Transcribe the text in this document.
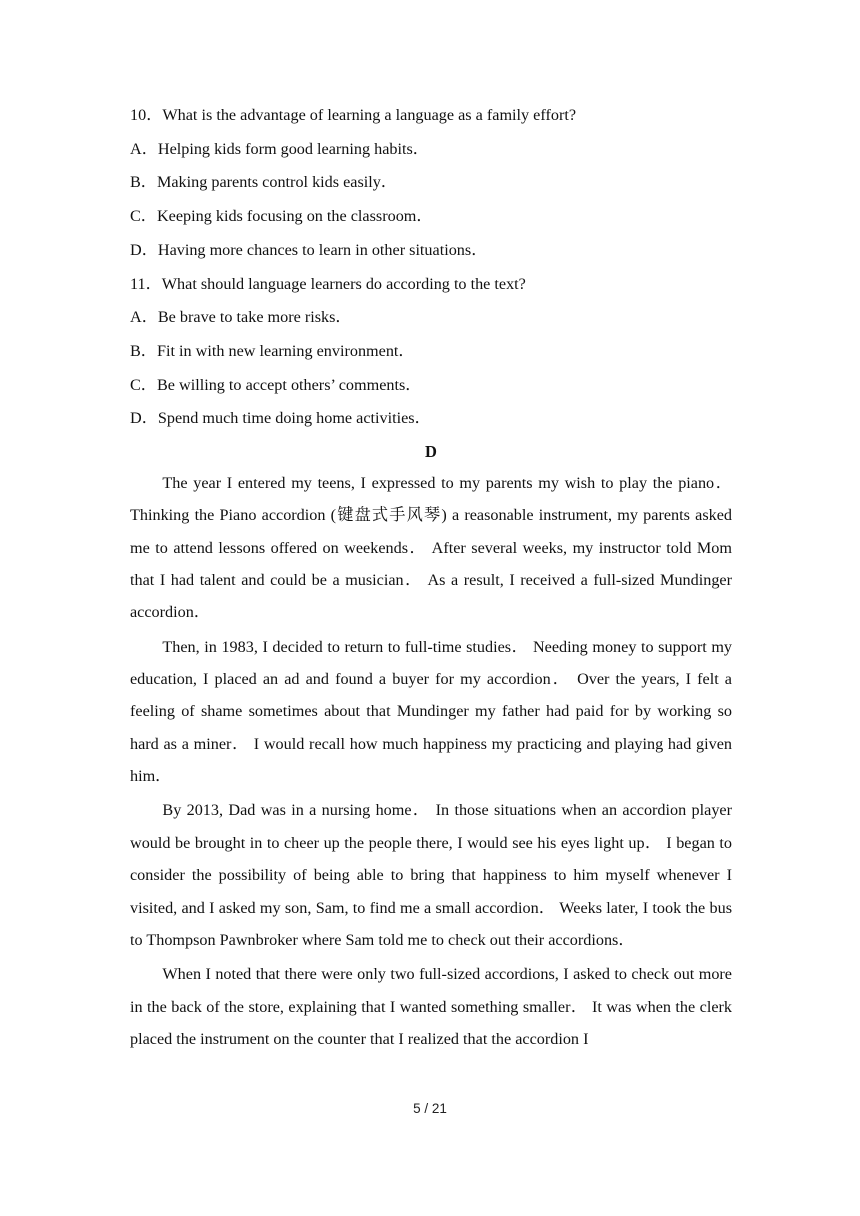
10．What is the advantage of learning a language as a family effort?
A．Helping kids form good learning habits．
B．Making parents control kids easily．
C．Keeping kids focusing on the classroom．
D．Having more chances to learn in other situations．
11．What should language learners do according to the text?
A．Be brave to take more risks．
B．Fit in with new learning environment．
C．Be willing to accept others’ comments．
D．Spend much time doing home activities．
D

The year I entered my teens, I expressed to my parents my wish to play the piano． Thinking the Piano accordion (键盘式手风琴) a reasonable instrument, my parents asked me to attend lessons offered on weekends． After several weeks, my instructor told Mom that I had talent and could be a musician． As a result, I received a full-sized Mundinger accordion．

Then, in 1983, I decided to return to full-time studies． Needing money to support my education, I placed an ad and found a buyer for my accordion． Over the years, I felt a feeling of shame sometimes about that Mundinger my father had paid for by working so hard as a miner． I would recall how much happiness my practicing and playing had given him．

By 2013, Dad was in a nursing home． In those situations when an accordion player would be brought in to cheer up the people there, I would see his eyes light up． I began to consider the possibility of being able to bring that happiness to him myself whenever I visited, and I asked my son, Sam, to find me a small accordion． Weeks later, I took the bus to Thompson Pawnbroker where Sam told me to check out their accordions．

When I noted that there were only two full-sized accordions, I asked to check out more in the back of the store, explaining that I wanted something smaller． It was when the clerk placed the instrument on the counter that I realized that the accordion I

5 / 21
